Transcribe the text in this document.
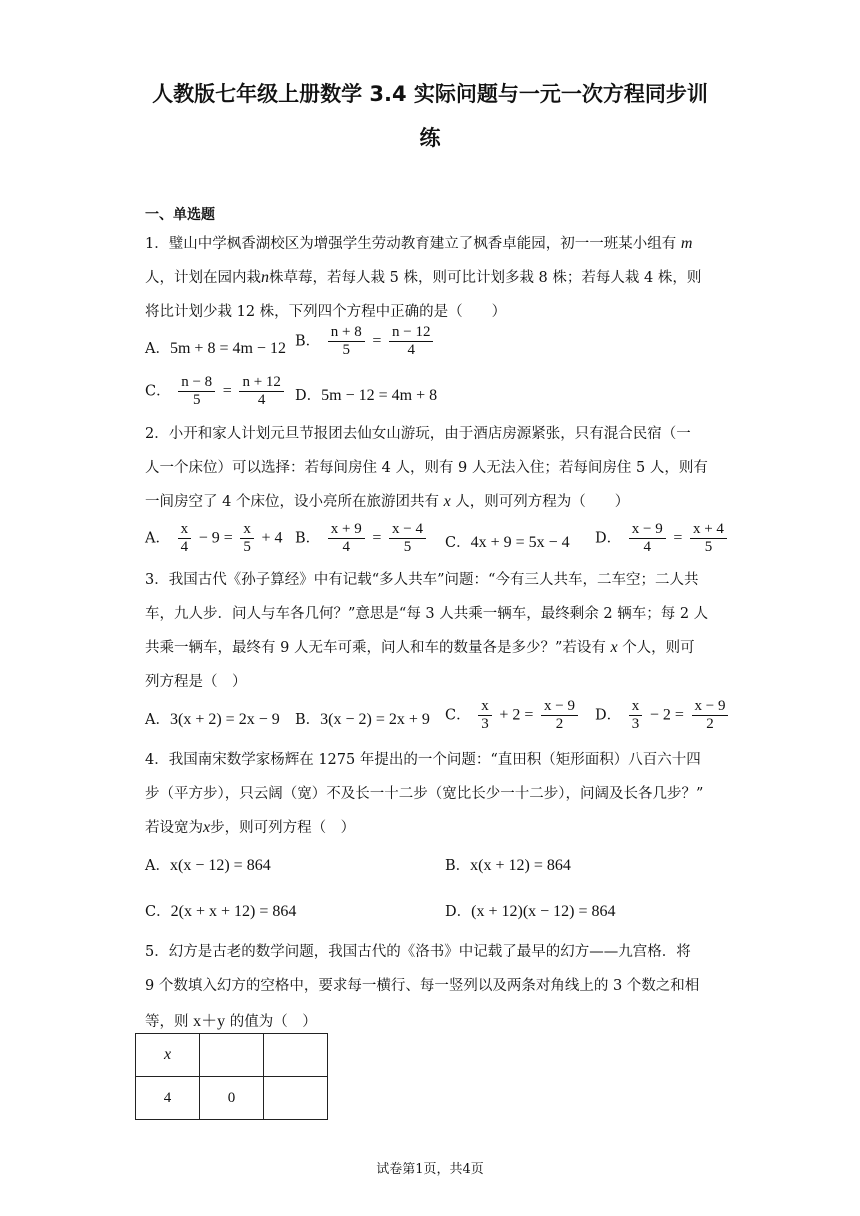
人教版七年级上册数学 3.4 实际问题与一元一次方程同步训
练
一、单选题
1．璧山中学枫香湖校区为增强学生劳动教育建立了枫香卓能园，初一一班某小组有 m
人，计划在园内栽n株草莓，若每人栽 5 株，则可比计划多栽 8 株；若每人栽 4 株，则
将比计划少栽 12 株，下列四个方程中正确的是（　　）
A．5m + 8 = 4m − 12 B． $\frac{n + 8}{5} = \frac{n - 12}{4}$
C． $\frac{n - 8}{5} = \frac{n + 12}{4}$ D．5m − 12 = 4m + 8
2．小开和家人计划元旦节报团去仙女山游玩，由于酒店房源紧张，只有混合民宿（一
人一个床位）可以选择：若每间房住 4 人，则有 9 人无法入住；若每间房住 5 人，则有
一间房空了 4 个床位，设小亮所在旅游团共有 x 人，则可列方程为（　　）
A． $\frac{x}{4} - 9 = \frac{x}{5} + 4$ B． $\frac{x + 9}{4} = \frac{x - 4}{5}$ C．4x + 9 = 5x − 4 D． $\frac{x - 9}{4} = \frac{x + 4}{5}$
3．我国古代《孙子算经》中有记载“多人共车”问题：“今有三人共车，二车空；二人共
车，九人步．问人与车各几何？”意思是“每 3 人共乘一辆车，最终剩余 2 辆车；每 2 人
共乘一辆车，最终有 9 人无车可乘，问人和车的数量各是多少？”若设有 x 个人，则可
列方程是（　）
A．3(x + 2) = 2x − 9 B．3(x − 2) = 2x + 9 C． $\frac{x}{3} + 2 = \frac{x - 9}{2}$ D． $\frac{x}{3} - 2 = \frac{x - 9}{2}$
4．我国南宋数学家杨辉在 1275 年提出的一个问题：“直田积（矩形面积）八百六十四
步（平方步），只云阔（宽）不及长一十二步（宽比长少一十二步），问阔及长各几步？”
若设宽为x步，则可列方程（　）
A．x(x − 12) = 864	B．x(x + 12) = 864
C．2(x + x + 12) = 864	D．(x + 12)(x − 12) = 864
5．幻方是古老的数学问题，我国古代的《洛书》中记载了最早的幻方——九宫格．将
9 个数填入幻方的空格中，要求每一横行、每一竖列以及两条对角线上的 3 个数之和相
等，则 x＋y 的值为（　）
x		
4	0	
试卷第1页，共4页
